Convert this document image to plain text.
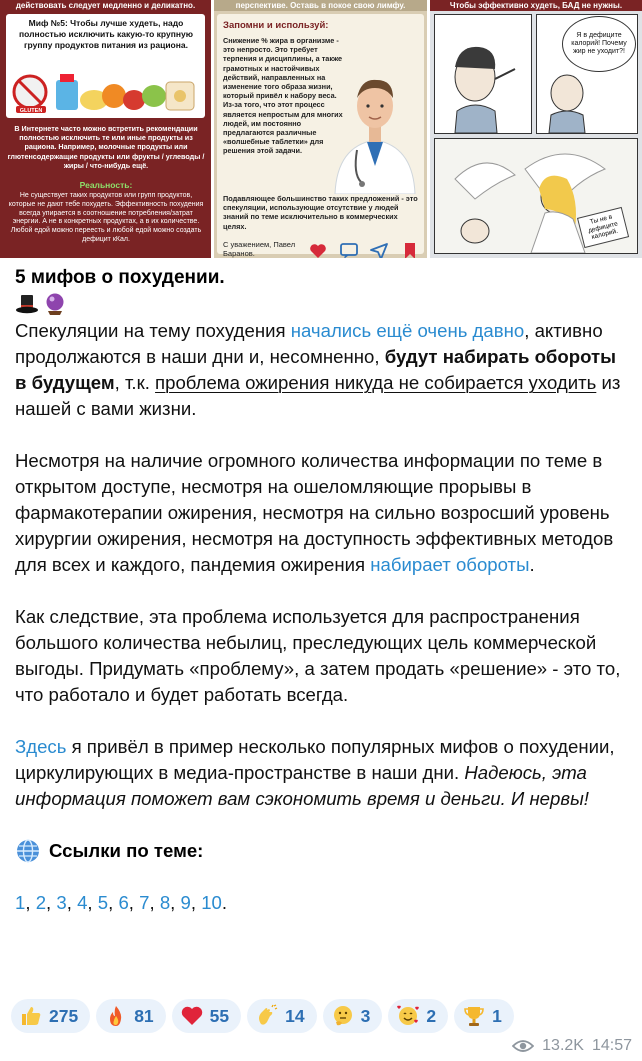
действовать следует медленно и деликатно.
Миф №5: Чтобы лучше худеть, надо полностью исключить какую-то крупную группу продуктов питания из рациона.
GLUTEN
В Интернете часто можно встретить рекомендации полностью исключить те или иные продукты из рациона. Например, молочные продукты или глютенсодержащие продукты или фрукты / углеводы / жиры / что-нибудь ещё.
Реальность:
Не существует таких продуктов или групп продуктов, которые не дают тебе похудеть. Эффективность похудения всегда упирается в соотношение потребления/затрат энергии. А не в конкретных продуктах, а в их количестве. Любой едой можно переесть и любой едой можно создать дефицит кКал.
перспективе. Оставь в покое свою лимфу.
Запомни и используй:
Снижение % жира в организме - это непросто. Это требует терпения и дисциплины, а также грамотных и настойчивых действий, направленных на изменение того образа жизни, который привёл к набору веса. Из-за того, что этот процесс является непростым для многих людей, им постоянно предлагаются различные «волшебные таблетки» для решения этой задачи.
Подавляющее большинство таких предложений - это спекуляции, использующие отсутствие у людей знаний по теме исключительно в коммерческих целях.
С уважением, Павел Баранов.
Чтобы эффективно худеть, БАД не нужны.
Я в дефиците калорий! Почему жир не уходит?!
Ты не в дефиците калорий.
5 мифов о похудении.
Спекуляции на тему похудения начались ещё очень давно, активно продолжаются в наши дни и, несомненно, будут набирать обороты в будущем, т.к. проблема ожирения никуда не собирается уходить из нашей с вами жизни.
Несмотря на наличие огромного количества информации по теме в открытом доступе, несмотря на ошеломляющие прорывы в фармакотерапии ожирения, несмотря на сильно возросший уровень хирургии ожирения, несмотря на доступность эффективных методов для всех и каждого, пандемия ожирения набирает обороты.
Как следствие, эта проблема используется для распространения большого количества небылиц, преследующих цель коммерческой выгоды. Придумать «проблему», а затем продать «решение» - это то, что работало и будет работать всегда.
Здесь я привёл в пример несколько популярных мифов о похудении, циркулирующих в медиа-пространстве в наши дни. Надеюсь, эта информация поможет вам сэкономить время и деньги. И нервы!
Ссылки по теме:
1, 2, 3, 4, 5, 6, 7, 8, 9, 10.
275	81	55	14	3	2	1
13.2K 14:57
